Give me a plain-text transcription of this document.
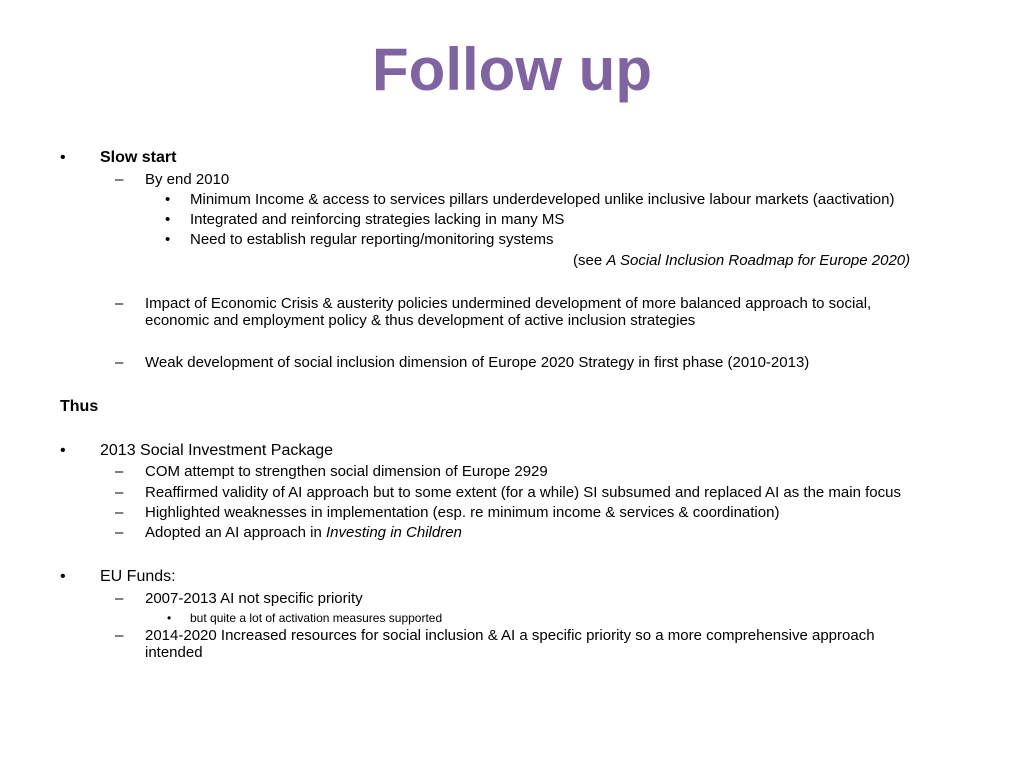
Follow up
• Slow start
– By end 2010
• Minimum Income & access to services pillars underdeveloped unlike inclusive labour markets (aactivation)
• Integrated and reinforcing strategies lacking in many MS
• Need to establish regular reporting/monitoring systems
(see A Social Inclusion Roadmap for Europe 2020)
– Impact of Economic Crisis & austerity policies undermined development of more balanced approach to social,
economic and employment policy & thus development of active inclusion strategies
– Weak development of social inclusion dimension of Europe 2020 Strategy in first phase (2010-2013)
Thus
• 2013 Social Investment Package
– COM attempt to strengthen social dimension of Europe 2929
– Reaffirmed validity of AI approach but to some extent (for a while) SI subsumed and replaced AI as the main focus
– Highlighted weaknesses in implementation (esp. re minimum income & services & coordination)
– Adopted an AI approach in Investing in Children
• EU Funds:
– 2007-2013 AI not specific priority
• but quite a lot of activation measures supported
– 2014-2020 Increased resources for social inclusion & AI a specific priority so a more comprehensive approach
intended
